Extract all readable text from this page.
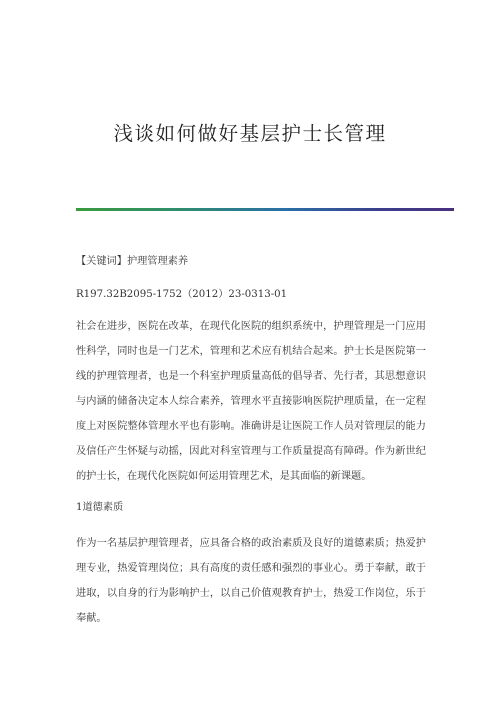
浅谈如何做好基层护士长管理
【关键词】护理管理素养
R197.32B2095-1752（2012）23-0313-01
社会在进步，医院在改革，在现代化医院的组织系统中，护理管理是一门应用
性科学，同时也是一门艺术，管理和艺术应有机结合起来。护士长是医院第一
线的护理管理者，也是一个科室护理质量高低的倡导者、先行者，其思想意识
与内涵的储备决定本人综合素养，管理水平直接影响医院护理质量，在一定程
度上对医院整体管理水平也有影响。准确讲是让医院工作人员对管理层的能力
及信任产生怀疑与动摇，因此对科室管理与工作质量提高有障碍。作为新世纪
的护士长，在现代化医院如何运用管理艺术，是其面临的新课题。
1道德素质
作为一名基层护理管理者，应具备合格的政治素质及良好的道德素质；热爱护
理专业，热爱管理岗位；具有高度的责任感和强烈的事业心。勇于奉献，敢于
进取，以自身的行为影响护士，以自己价值观教育护士，热爱工作岗位，乐于
奉献。
